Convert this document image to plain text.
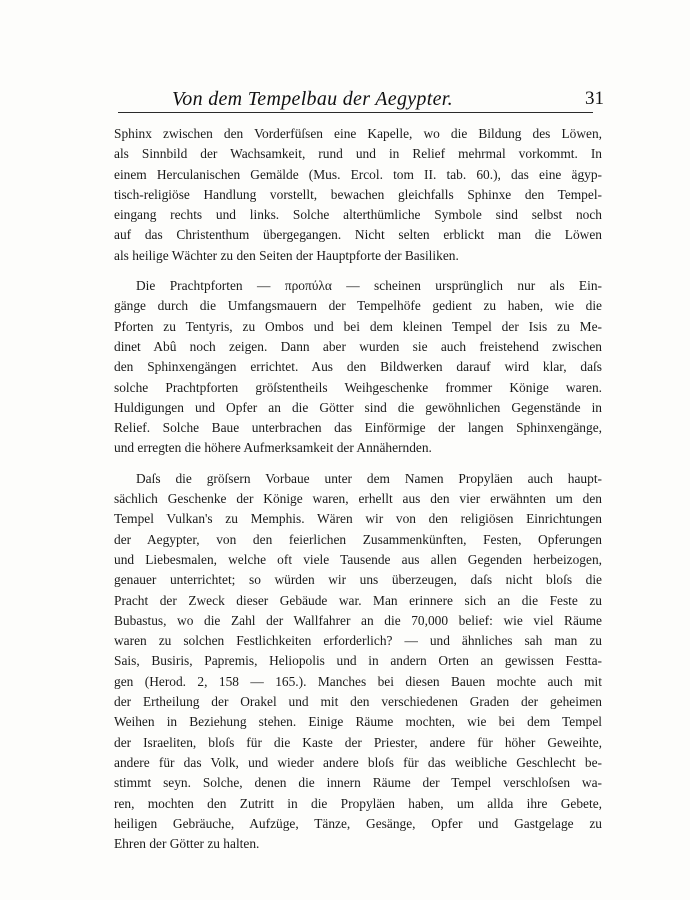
Von dem Tempelbau der Aegypter.	31

Sphinx zwischen den Vorderfüſsen eine Kapelle, wo die Bildung des Löwen,
als Sinnbild der Wachsamkeit, rund und in Relief mehrmal vorkommt. In
einem Herculanischen Gemälde (Mus. Ercol. tom II. tab. 60.), das eine ägyp-
tisch-religiöse Handlung vorstellt, bewachen gleichfalls Sphinxe den Tempel-
eingang rechts und links. Solche alterthümliche Symbole sind selbst noch
auf das Christenthum übergegangen. Nicht selten erblickt man die Löwen
als heilige Wächter zu den Seiten der Hauptpforte der Basiliken.

Die Prachtpforten — προπύλα — scheinen ursprünglich nur als Ein-
gänge durch die Umfangsmauern der Tempelhöfe gedient zu haben, wie die
Pforten zu Tentyris, zu Ombos und bei dem kleinen Tempel der Isis zu Me-
dinet Abû noch zeigen. Dann aber wurden sie auch freistehend zwischen
den Sphinxengängen errichtet. Aus den Bildwerken darauf wird klar, daſs
solche Prachtpforten gröſstentheils Weihgeschenke frommer Könige waren.
Huldigungen und Opfer an die Götter sind die gewöhnlichen Gegenstände in
Relief. Solche Baue unterbrachen das Einförmige der langen Sphinxengänge,
und erregten die höhere Aufmerksamkeit der Annähernden.

Daſs die gröſsern Vorbaue unter dem Namen Propyläen auch haupt-
sächlich Geschenke der Könige waren, erhellt aus den vier erwähnten um den
Tempel Vulkan's zu Memphis. Wären wir von den religiösen Einrichtungen
der Aegypter, von den feierlichen Zusammenkünften, Festen, Opferungen
und Liebesmalen, welche oft viele Tausende aus allen Gegenden herbeizogen,
genauer unterrichtet; so würden wir uns überzeugen, daſs nicht bloſs die
Pracht der Zweck dieser Gebäude war. Man erinnere sich an die Feste zu
Bubastus, wo die Zahl der Wallfahrer an die 70,000 belief: wie viel Räume
waren zu solchen Festlichkeiten erforderlich? — und ähnliches sah man zu
Sais, Busiris, Papremis, Heliopolis und in andern Orten an gewissen Festta-
gen (Herod. 2, 158 — 165.). Manches bei diesen Bauen mochte auch mit
der Ertheilung der Orakel und mit den verschiedenen Graden der geheimen
Weihen in Beziehung stehen. Einige Räume mochten, wie bei dem Tempel
der Israeliten, bloſs für die Kaste der Priester, andere für höher Geweihte,
andere für das Volk, und wieder andere bloſs für das weibliche Geschlecht be-
stimmt seyn. Solche, denen die innern Räume der Tempel verschloſsen wa-
ren, mochten den Zutritt in die Propyläen haben, um allda ihre Gebete,
heiligen Gebräuche, Aufzüge, Tänze, Gesänge, Opfer und Gastgelage zu
Ehren der Götter zu halten.
